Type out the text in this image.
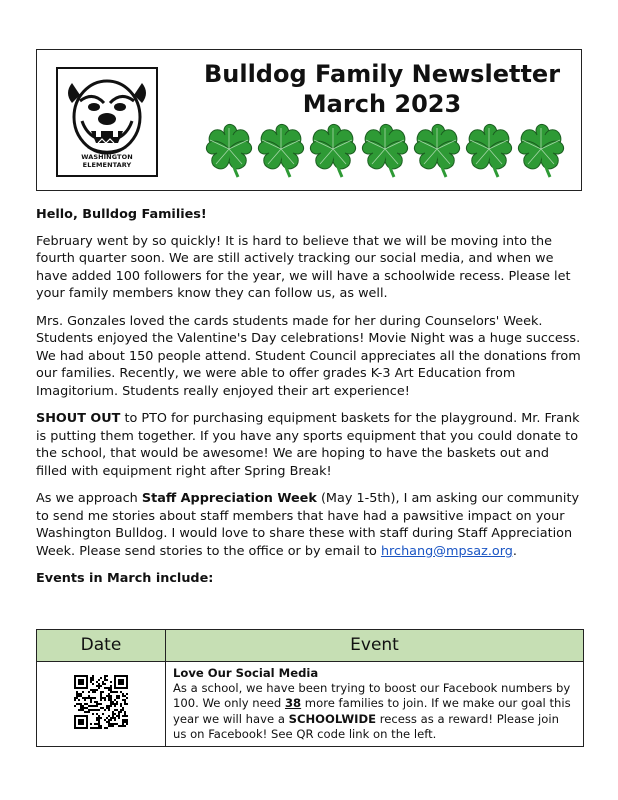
WASHINGTON ELEMENTARY
Bulldog Family Newsletter
March 2023

Hello, Bulldog Families!

February went by so quickly! It is hard to believe that we will be moving into the fourth quarter soon. We are still actively tracking our social media, and when we have added 100 followers for the year, we will have a schoolwide recess. Please let your family members know they can follow us, as well.

Mrs. Gonzales loved the cards students made for her during Counselors' Week. Students enjoyed the Valentine's Day celebrations! Movie Night was a huge success. We had about 150 people attend. Student Council appreciates all the donations from our families. Recently, we were able to offer grades K-3 Art Education from Imagitorium. Students really enjoyed their art experience!

SHOUT OUT to PTO for purchasing equipment baskets for the playground. Mr. Frank is putting them together. If you have any sports equipment that you could donate to the school, that would be awesome! We are hoping to have the baskets out and filled with equipment right after Spring Break!

As we approach Staff Appreciation Week (May 1-5th), I am asking our community to send me stories about staff members that have had a pawsitive impact on your Washington Bulldog. I would love to share these with staff during Staff Appreciation Week. Please send stories to the office or by email to hrchang@mpsaz.org.

Events in March include:

Date	Event
Love Our Social Media
As a school, we have been trying to boost our Facebook numbers by 100. We only need 38 more families to join. If we make our goal this year we will have a SCHOOLWIDE recess as a reward! Please join us on Facebook! See QR code link on the left.
